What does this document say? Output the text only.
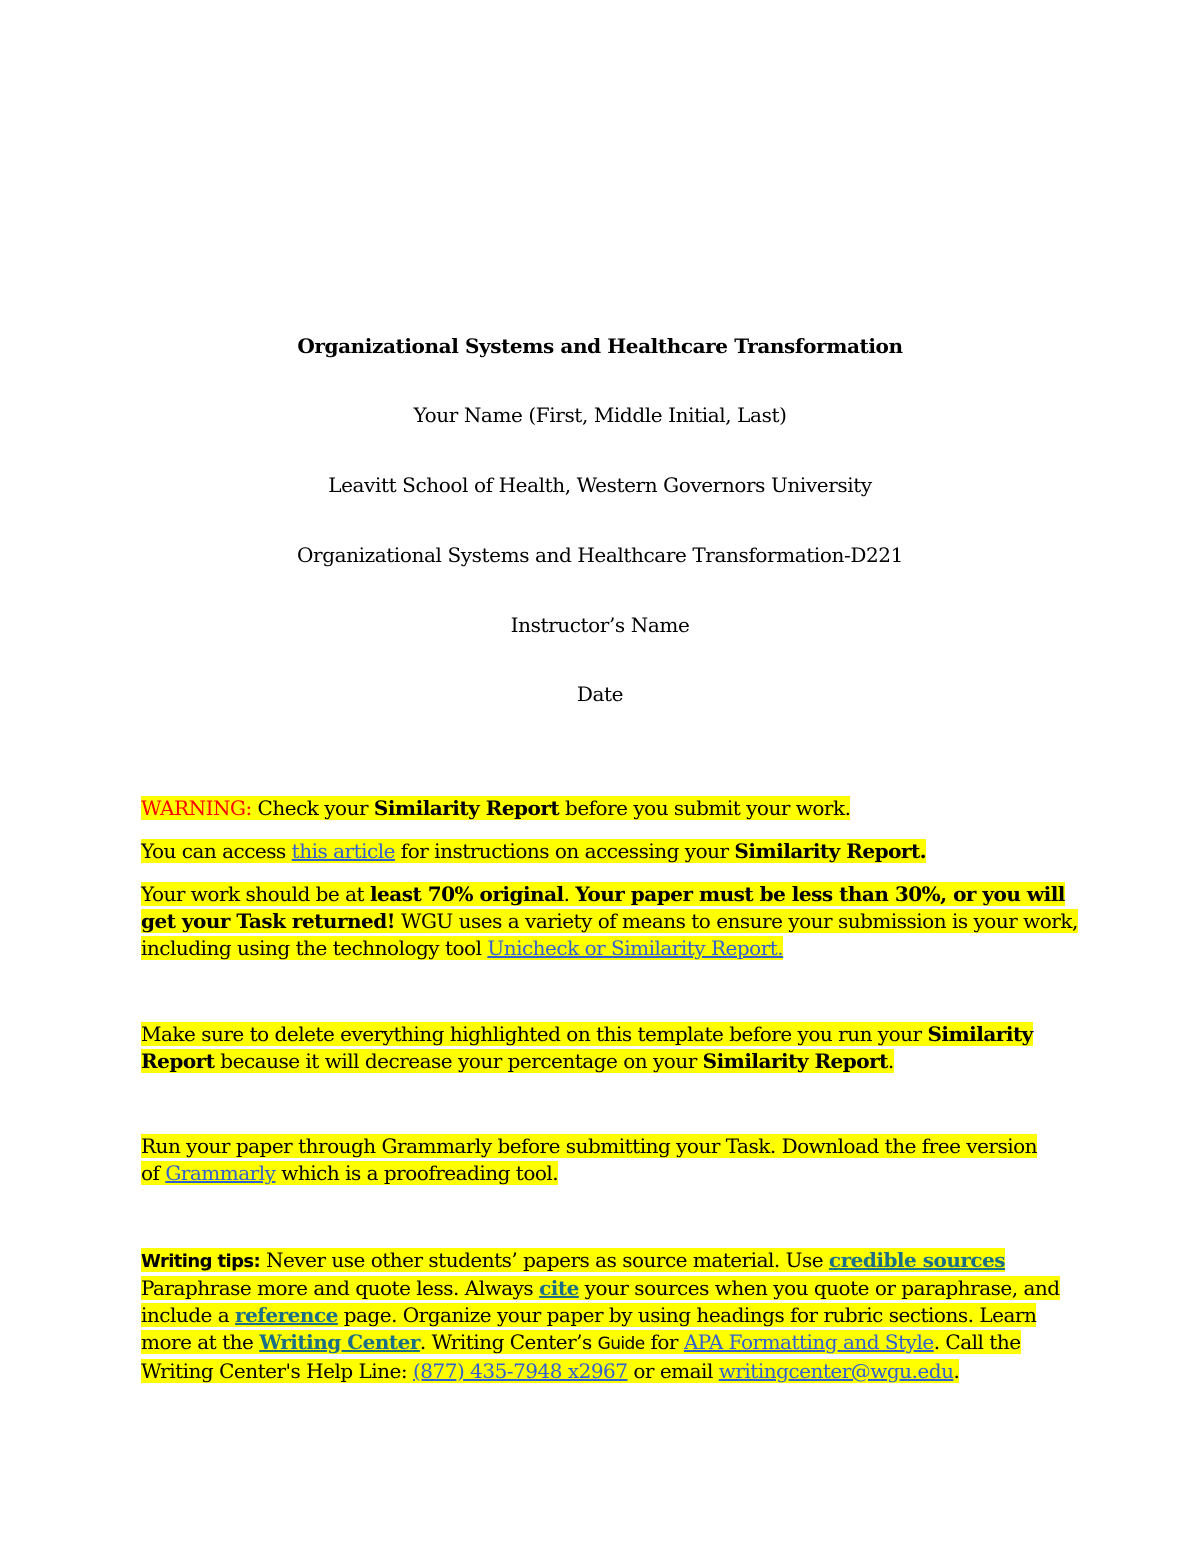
Organizational Systems and Healthcare Transformation
Your Name (First, Middle Initial, Last)
Leavitt School of Health, Western Governors University
Organizational Systems and Healthcare Transformation-D221
Instructor’s Name
Date
WARNING: Check your Similarity Report before you submit your work.
You can access this article for instructions on accessing your Similarity Report.
Your work should be at least 70% original. Your paper must be less than 30%, or you will
get your Task returned! WGU uses a variety of means to ensure your submission is your work,
including using the technology tool Unicheck or Similarity Report.
Make sure to delete everything highlighted on this template before you run your Similarity
Report because it will decrease your percentage on your Similarity Report.
Run your paper through Grammarly before submitting your Task. Download the free version
of Grammarly which is a proofreading tool.
Writing tips: Never use other students’ papers as source material. Use credible sources
Paraphrase more and quote less. Always cite your sources when you quote or paraphrase, and
include a reference page. Organize your paper by using headings for rubric sections. Learn
more at the Writing Center. Writing Center’s Guide for APA Formatting and Style. Call the
Writing Center's Help Line: (877) 435-7948 x2967 or email writingcenter@wgu.edu.
